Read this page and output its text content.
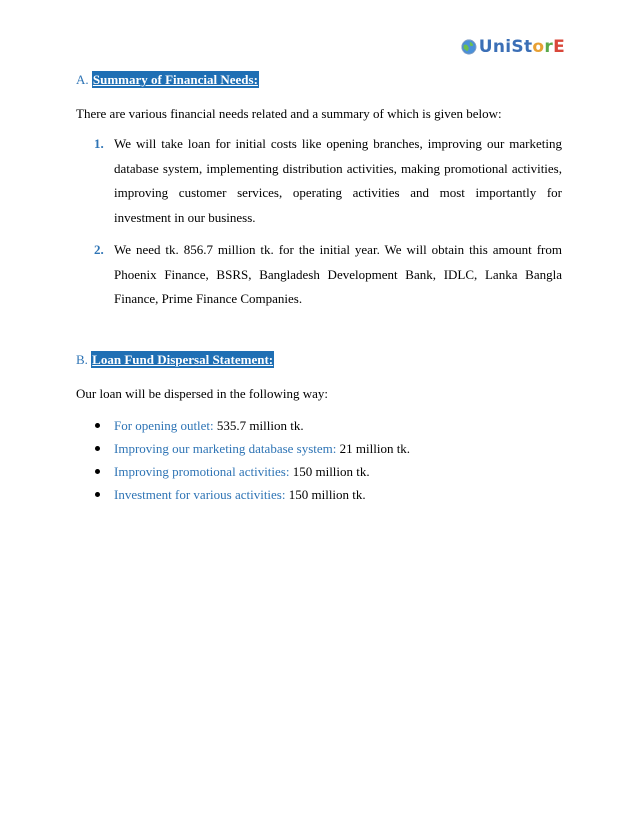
UniStorE
A. Summary of Financial Needs:
There are various financial needs related and a summary of which is given below:
1. We will take loan for initial costs like opening branches, improving our marketing database system, implementing distribution activities, making promotional activities, improving customer services, operating activities and most importantly for investment in our business.
2. We need tk. 856.7 million tk. for the initial year. We will obtain this amount from Phoenix Finance, BSRS, Bangladesh Development Bank, IDLC, Lanka Bangla Finance, Prime Finance Companies.
B. Loan Fund Dispersal Statement:
Our loan will be dispersed in the following way:
For opening outlet: 535.7 million tk.
Improving our marketing database system: 21 million tk.
Improving promotional activities: 150 million tk.
Investment for various activities: 150 million tk.
